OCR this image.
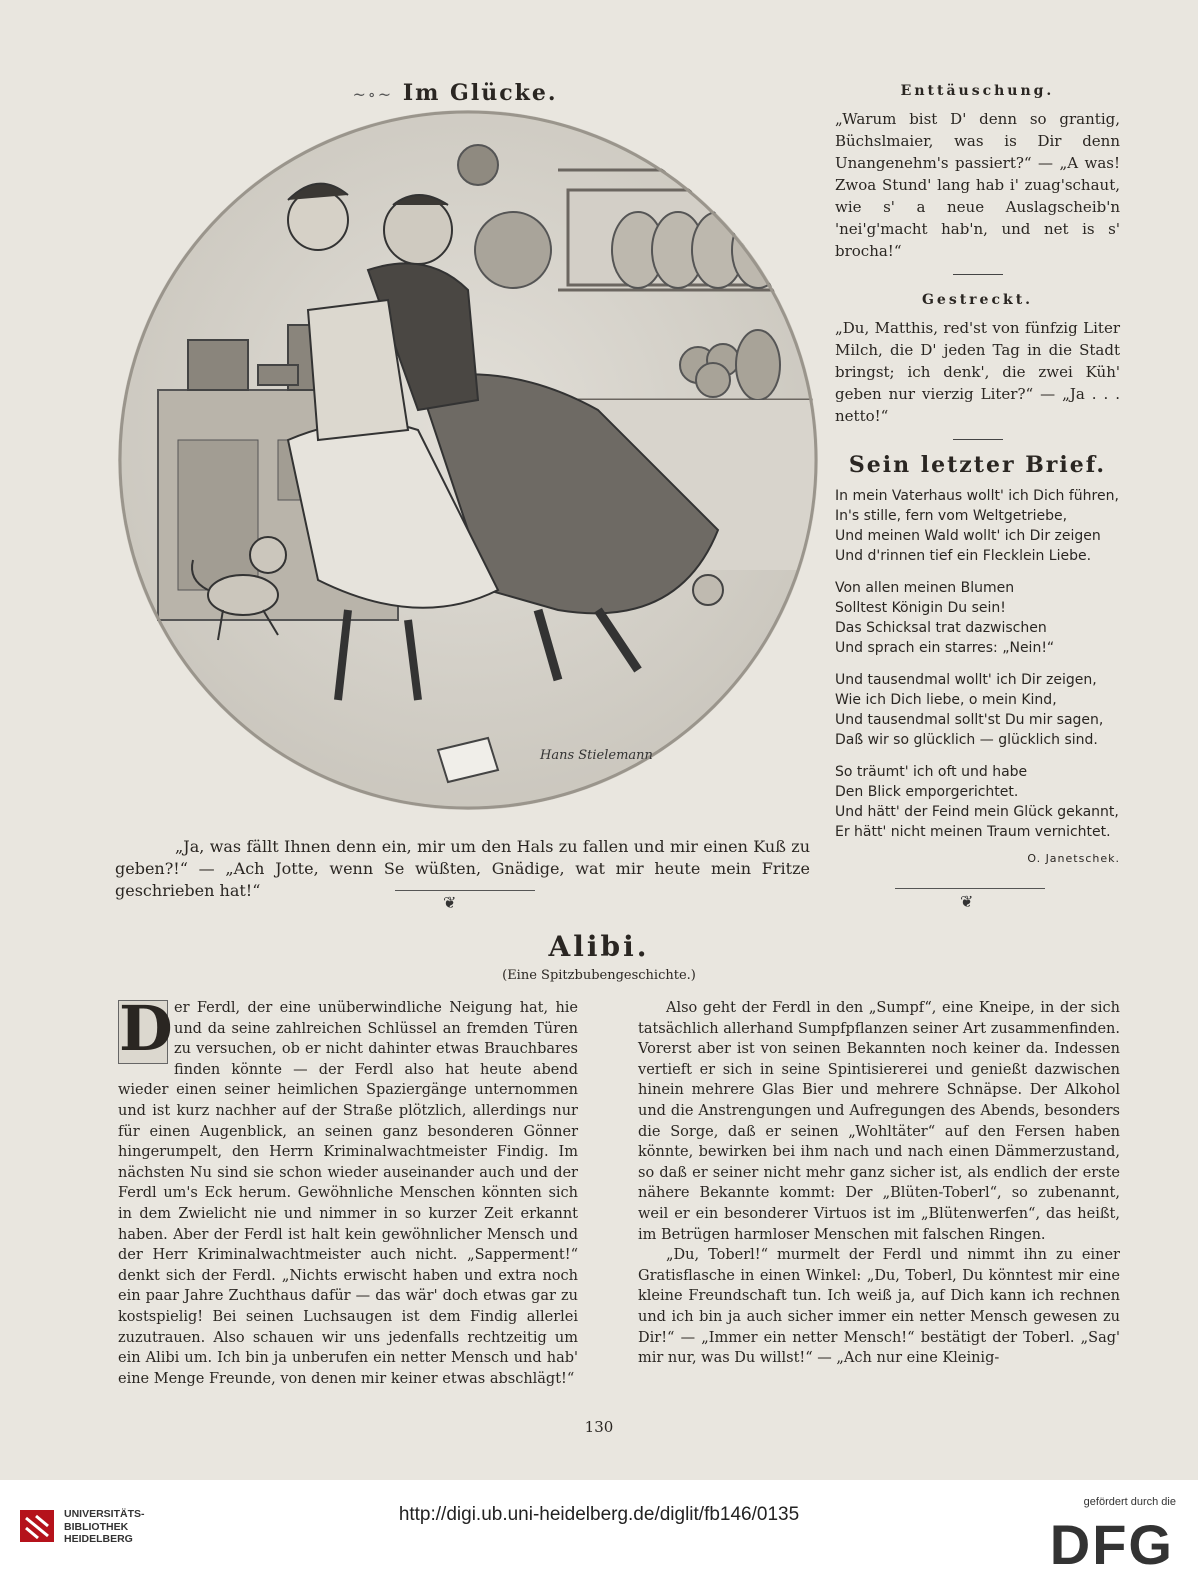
~∘~ Im Glücke.
Hans Stielemann

„Ja, was fällt Ihnen denn ein, mir um den Hals zu fallen und mir einen Kuß zu geben?!“ — „Ach Jotte, wenn Se wüßten, Gnädige, wat mir heute mein Fritze geschrieben hat!“

Enttäuschung.

„Warum bist D' denn so grantig, Büchslmaier, was is Dir denn Unangenehm's passiert?“ — „A was! Zwoa Stund' lang hab i' zuag'schaut, wie s' a neue Auslagscheib'n 'nei'g'macht hab'n, und net is s' brocha!“

Gestreckt.

„Du, Matthis, red'st von fünfzig Liter Milch, die D' jeden Tag in die Stadt bringst; ich denk', die zwei Küh' geben nur vierzig Liter?“ — „Ja . . . netto!“

Sein letzter Brief.
In mein Vaterhaus wollt' ich Dich führen,
In's stille, fern vom Weltgetriebe,
Und meinen Wald wollt' ich Dir zeigen
Und d'rinnen tief ein Flecklein Liebe.
Von allen meinen Blumen
Solltest Königin Du sein!
Das Schicksal trat dazwischen
Und sprach ein starres: „Nein!“
Und tausendmal wollt' ich Dir zeigen,
Wie ich Dich liebe, o mein Kind,
Und tausendmal sollt'st Du mir sagen,
Daß wir so glücklich — glücklich sind.
So träumt' ich oft und habe
Den Blick emporgerichtet.
Und hätt' der Feind mein Glück gekannt,
Er hätt' nicht meinen Traum vernichtet.
O. Janetschek.
❦	❦
Alibi.
(Eine Spitzbubengeschichte.)
D er Ferdl, der eine unüberwindliche Neigung hat, hie und da seine zahlreichen Schlüssel an fremden Türen zu versuchen, ob er nicht dahinter etwas Brauchbares finden könnte — der Ferdl also hat heute abend wieder einen seiner heimlichen Spaziergänge unternommen und ist kurz nachher auf der Straße plötzlich, allerdings nur für einen Augenblick, an seinen ganz besonderen Gönner hingerumpelt, den Herrn Kriminalwachtmeister Findig. Im nächsten Nu sind sie schon wieder auseinander auch und der Ferdl um's Eck herum. Gewöhnliche Menschen könnten sich in dem Zwielicht nie und nimmer in so kurzer Zeit erkannt haben. Aber der Ferdl ist halt kein gewöhnlicher Mensch und der Herr Kriminalwachtmeister auch nicht. „Sapperment!“ denkt sich der Ferdl. „Nichts erwischt haben und extra noch ein paar Jahre Zuchthaus dafür — das wär' doch etwas gar zu kostspielig! Bei seinen Luchsaugen ist dem Findig allerlei zuzutrauen. Also schauen wir uns jedenfalls rechtzeitig um ein Alibi um. Ich bin ja unberufen ein netter Mensch und hab' eine Menge Freunde, von denen mir keiner etwas abschlägt!“

Also geht der Ferdl in den „Sumpf“, eine Kneipe, in der sich tatsächlich allerhand Sumpfpflanzen seiner Art zusammenfinden. Vorerst aber ist von seinen Bekannten noch keiner da. Indessen vertieft er sich in seine Spintisiererei und genießt dazwischen hinein mehrere Glas Bier und mehrere Schnäpse. Der Alkohol und die Anstrengungen und Aufregungen des Abends, besonders die Sorge, daß er seinen „Wohltäter“ auf den Fersen haben könnte, bewirken bei ihm nach und nach einen Dämmerzustand, so daß er seiner nicht mehr ganz sicher ist, als endlich der erste nähere Bekannte kommt: Der „Blüten-Toberl“, so zubenannt, weil er ein besonderer Virtuos ist im „Blütenwerfen“, das heißt, im Betrügen harmloser Menschen mit falschen Ringen.

„Du, Toberl!“ murmelt der Ferdl und nimmt ihn zu einer Gratisflasche in einen Winkel: „Du, Toberl, Du könntest mir eine kleine Freundschaft tun. Ich weiß ja, auf Dich kann ich rechnen und ich bin ja auch sicher immer ein netter Mensch gewesen zu Dir!“ — „Immer ein netter Mensch!“ bestätigt der Toberl. „Sag' mir nur, was Du willst!“ — „Ach nur eine Kleinig-

130
UNIVERSITÄTS-
BIBLIOTHEK
HEIDELBERG
http://digi.ub.uni-heidelberg.de/diglit/fb146/0135
gefördert durch die
DFG
